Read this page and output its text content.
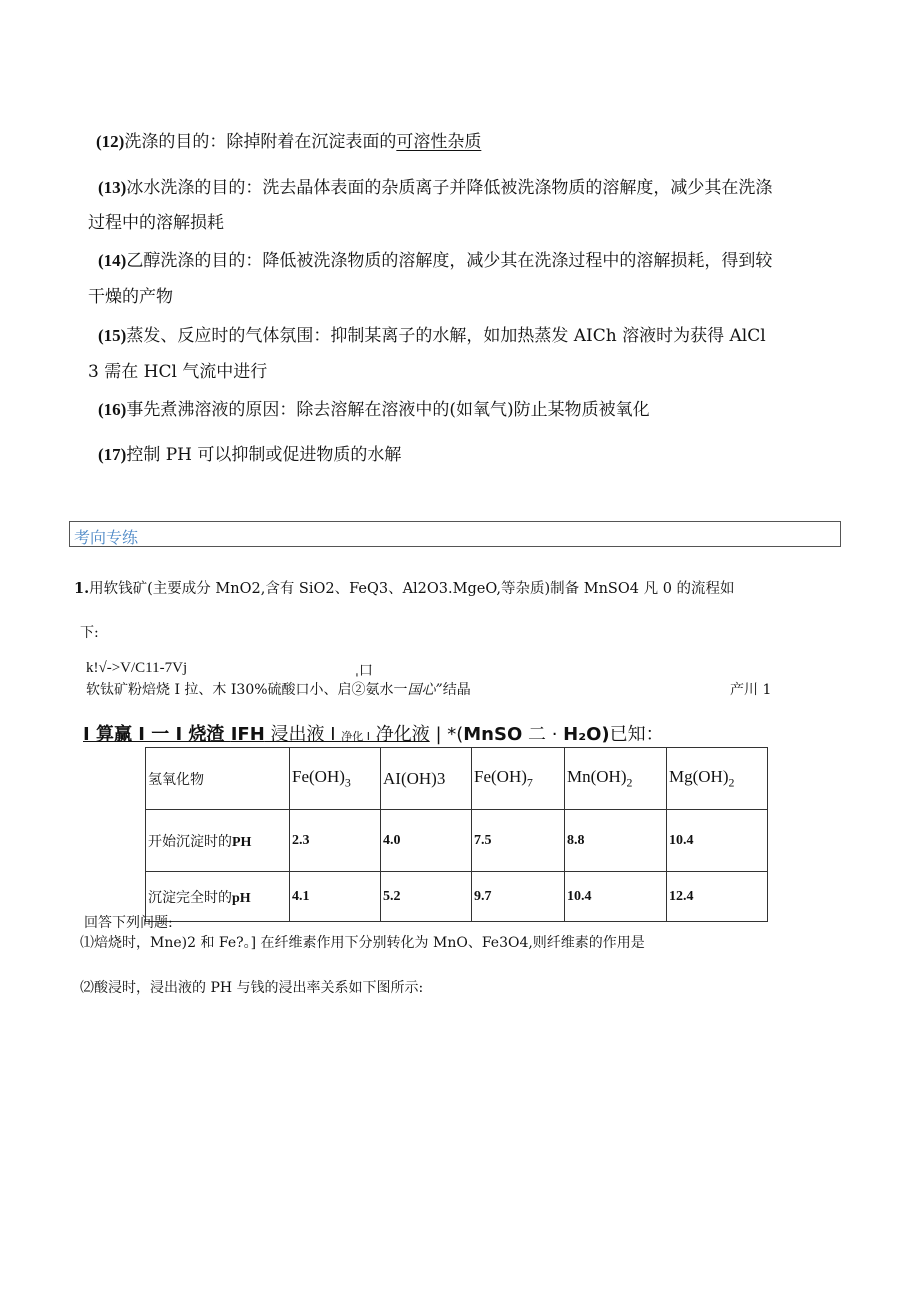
(12)洗涤的目的：除掉附着在沉淀表面的可溶性杂质
(13)冰水洗涤的目的：洗去晶体表面的杂质离子并降低被洗涤物质的溶解度，减少其在洗涤
过程中的溶解损耗
(14)乙醇洗涤的目的：降低被洗涤物质的溶解度，减少其在洗涤过程中的溶解损耗，得到较
干燥的产物
(15)蒸发、反应时的气体氛围：抑制某离子的水解，如加热蒸发 AICh 溶液时为获得 AlCl
3 需在 HCl 气流中进行
(16)事先煮沸溶液的原因：除去溶解在溶液中的(如氧气)防止某物质被氧化
(17)控制 PH 可以抑制或促进物质的水解
考向专练
1.用软钱矿(主要成分 MnO2,含有 SiO2、FeQ3、Al2O3.MgeO,等杂质)制备 MnSO4 凡 0 的流程如
下:
k!√->V/C11-7Vj	ˌ口
软钛矿粉焙烧 I 拉、木 I30%硫酸口小、启②氨水一国心”结晶	产川 1
I 算赢 I 一 I 烧渣 IFH 浸出液 I 净化 I 净化液 | *(MnSO 二 · H₂O)已知：
氢氧化物	$Fe(OH)_3$	AI(OH)3	$Fe(OH)_7$	$Mn(OH)_2$	$Mg(OH)_2$
开始沉淀时的PH	2.3	4.0	7.5	8.8	10.4
沉淀完全时的pH	4.1	5.2	9.7	10.4	12.4
回答下列问题:
⑴焙烧时，Mne)2 和 Fe?。] 在纤维素作用下分别转化为 MnO、Fe3O4,则纤维素的作用是
⑵酸浸时，浸出液的 PH 与钱的浸出率关系如下图所示:
